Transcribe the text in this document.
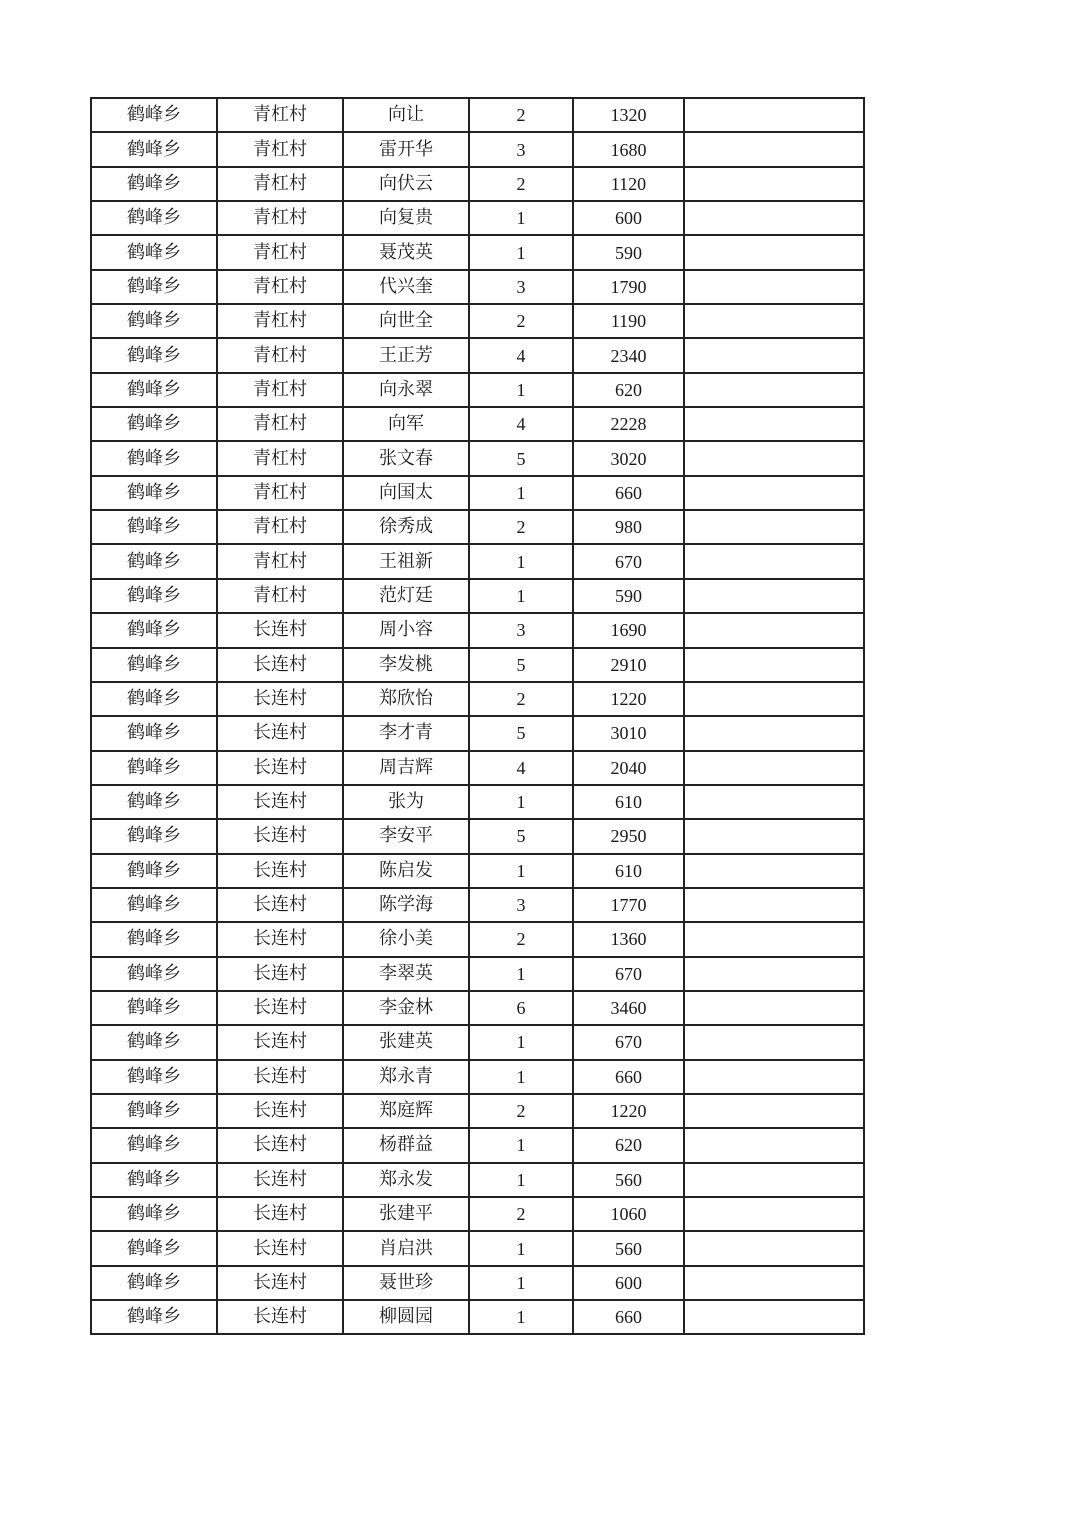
鹤峰乡	青杠村	向让	2	1320	
鹤峰乡	青杠村	雷开华	3	1680	
鹤峰乡	青杠村	向伏云	2	1120	
鹤峰乡	青杠村	向复贵	1	600	
鹤峰乡	青杠村	聂茂英	1	590	
鹤峰乡	青杠村	代兴奎	3	1790	
鹤峰乡	青杠村	向世全	2	1190	
鹤峰乡	青杠村	王正芳	4	2340	
鹤峰乡	青杠村	向永翠	1	620	
鹤峰乡	青杠村	向军	4	2228	
鹤峰乡	青杠村	张文春	5	3020	
鹤峰乡	青杠村	向国太	1	660	
鹤峰乡	青杠村	徐秀成	2	980	
鹤峰乡	青杠村	王祖新	1	670	
鹤峰乡	青杠村	范灯廷	1	590	
鹤峰乡	长连村	周小容	3	1690	
鹤峰乡	长连村	李发桃	5	2910	
鹤峰乡	长连村	郑欣怡	2	1220	
鹤峰乡	长连村	李才青	5	3010	
鹤峰乡	长连村	周吉辉	4	2040	
鹤峰乡	长连村	张为	1	610	
鹤峰乡	长连村	李安平	5	2950	
鹤峰乡	长连村	陈启发	1	610	
鹤峰乡	长连村	陈学海	3	1770	
鹤峰乡	长连村	徐小美	2	1360	
鹤峰乡	长连村	李翠英	1	670	
鹤峰乡	长连村	李金林	6	3460	
鹤峰乡	长连村	张建英	1	670	
鹤峰乡	长连村	郑永青	1	660	
鹤峰乡	长连村	郑庭辉	2	1220	
鹤峰乡	长连村	杨群益	1	620	
鹤峰乡	长连村	郑永发	1	560	
鹤峰乡	长连村	张建平	2	1060	
鹤峰乡	长连村	肖启洪	1	560	
鹤峰乡	长连村	聂世珍	1	600	
鹤峰乡	长连村	柳圆园	1	660	
